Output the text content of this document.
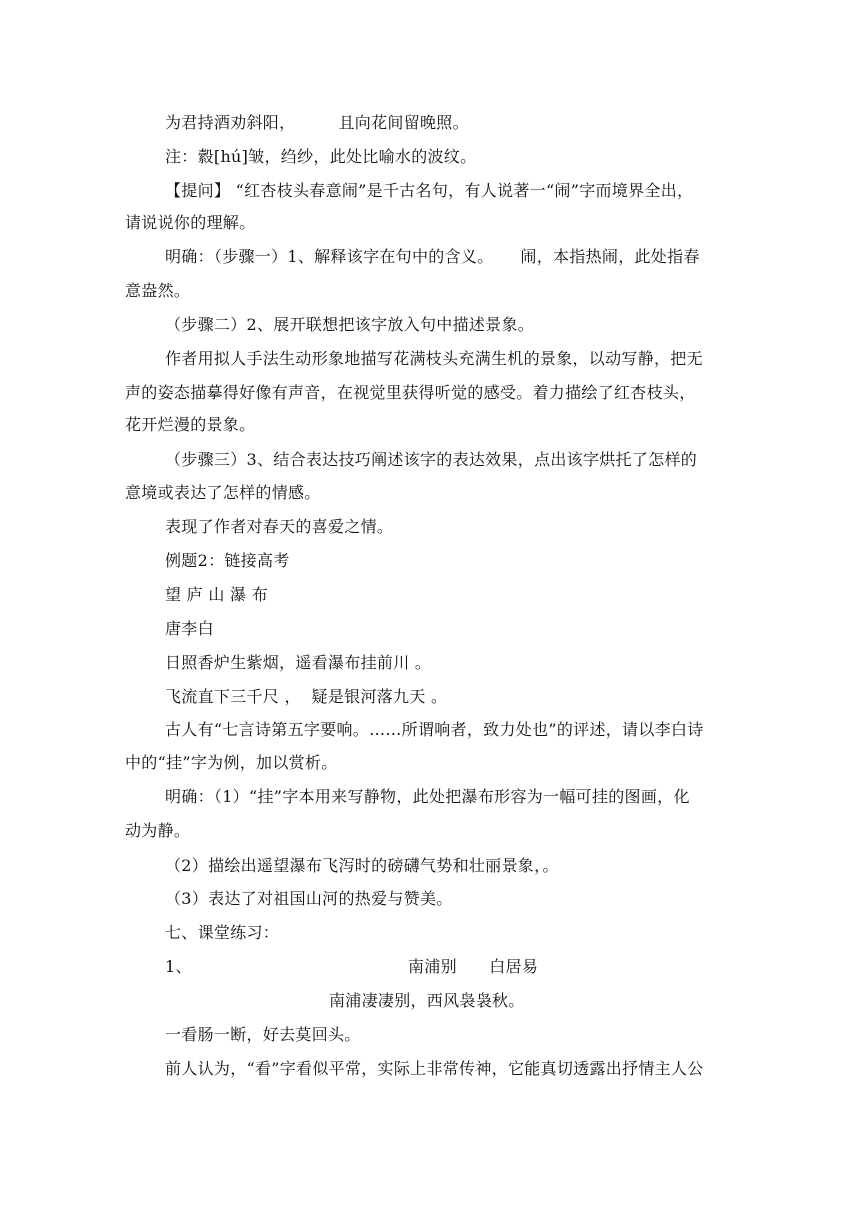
为君持酒劝斜阳，        且向花间留晚照。
注：縠[hú]皱，绉纱，此处比喻水的波纹。
【提问】 “红杏枝头春意闹”是千古名句，有人说著一“闹”字而境界全出，
请说说你的理解。
明确：（步骤一）1、解释该字在句中的含义。     闹，本指热闹，此处指春
意盎然。
（步骤二）2、展开联想把该字放入句中描述景象。
作者用拟人手法生动形象地描写花满枝头充满生机的景象，以动写静，把无
声的姿态描摹得好像有声音，在视觉里获得听觉的感受。着力描绘了红杏枝头，
花开烂漫的景象。
（步骤三）3、结合表达技巧阐述该字的表达效果，点出该字烘托了怎样的
意境或表达了怎样的情感。
表现了作者对春天的喜爱之情。
例题2：链接高考
望 庐 山 瀑 布
唐李白
日照香炉生紫烟，遥看瀑布挂前川 。
飞流直下三千尺 ，  疑是银河落九天 。
古人有“七言诗第五字要响。……所谓响者，致力处也”的评述，请以李白诗
中的“挂”字为例，加以赏析。
明确：（1）“挂”字本用来写静物，此处把瀑布形容为一幅可挂的图画，化
动为静。
（2）描绘出遥望瀑布飞泻时的磅礴气势和壮丽景象，。
（3）表达了对祖国山河的热爱与赞美。
七、课堂练习：
1、	南浦别      白居易
南浦凄凄别，西风袅袅秋。
一看肠一断，好去莫回头。
前人认为，“看”字看似平常，实际上非常传神，它能真切透露出抒情主人公
